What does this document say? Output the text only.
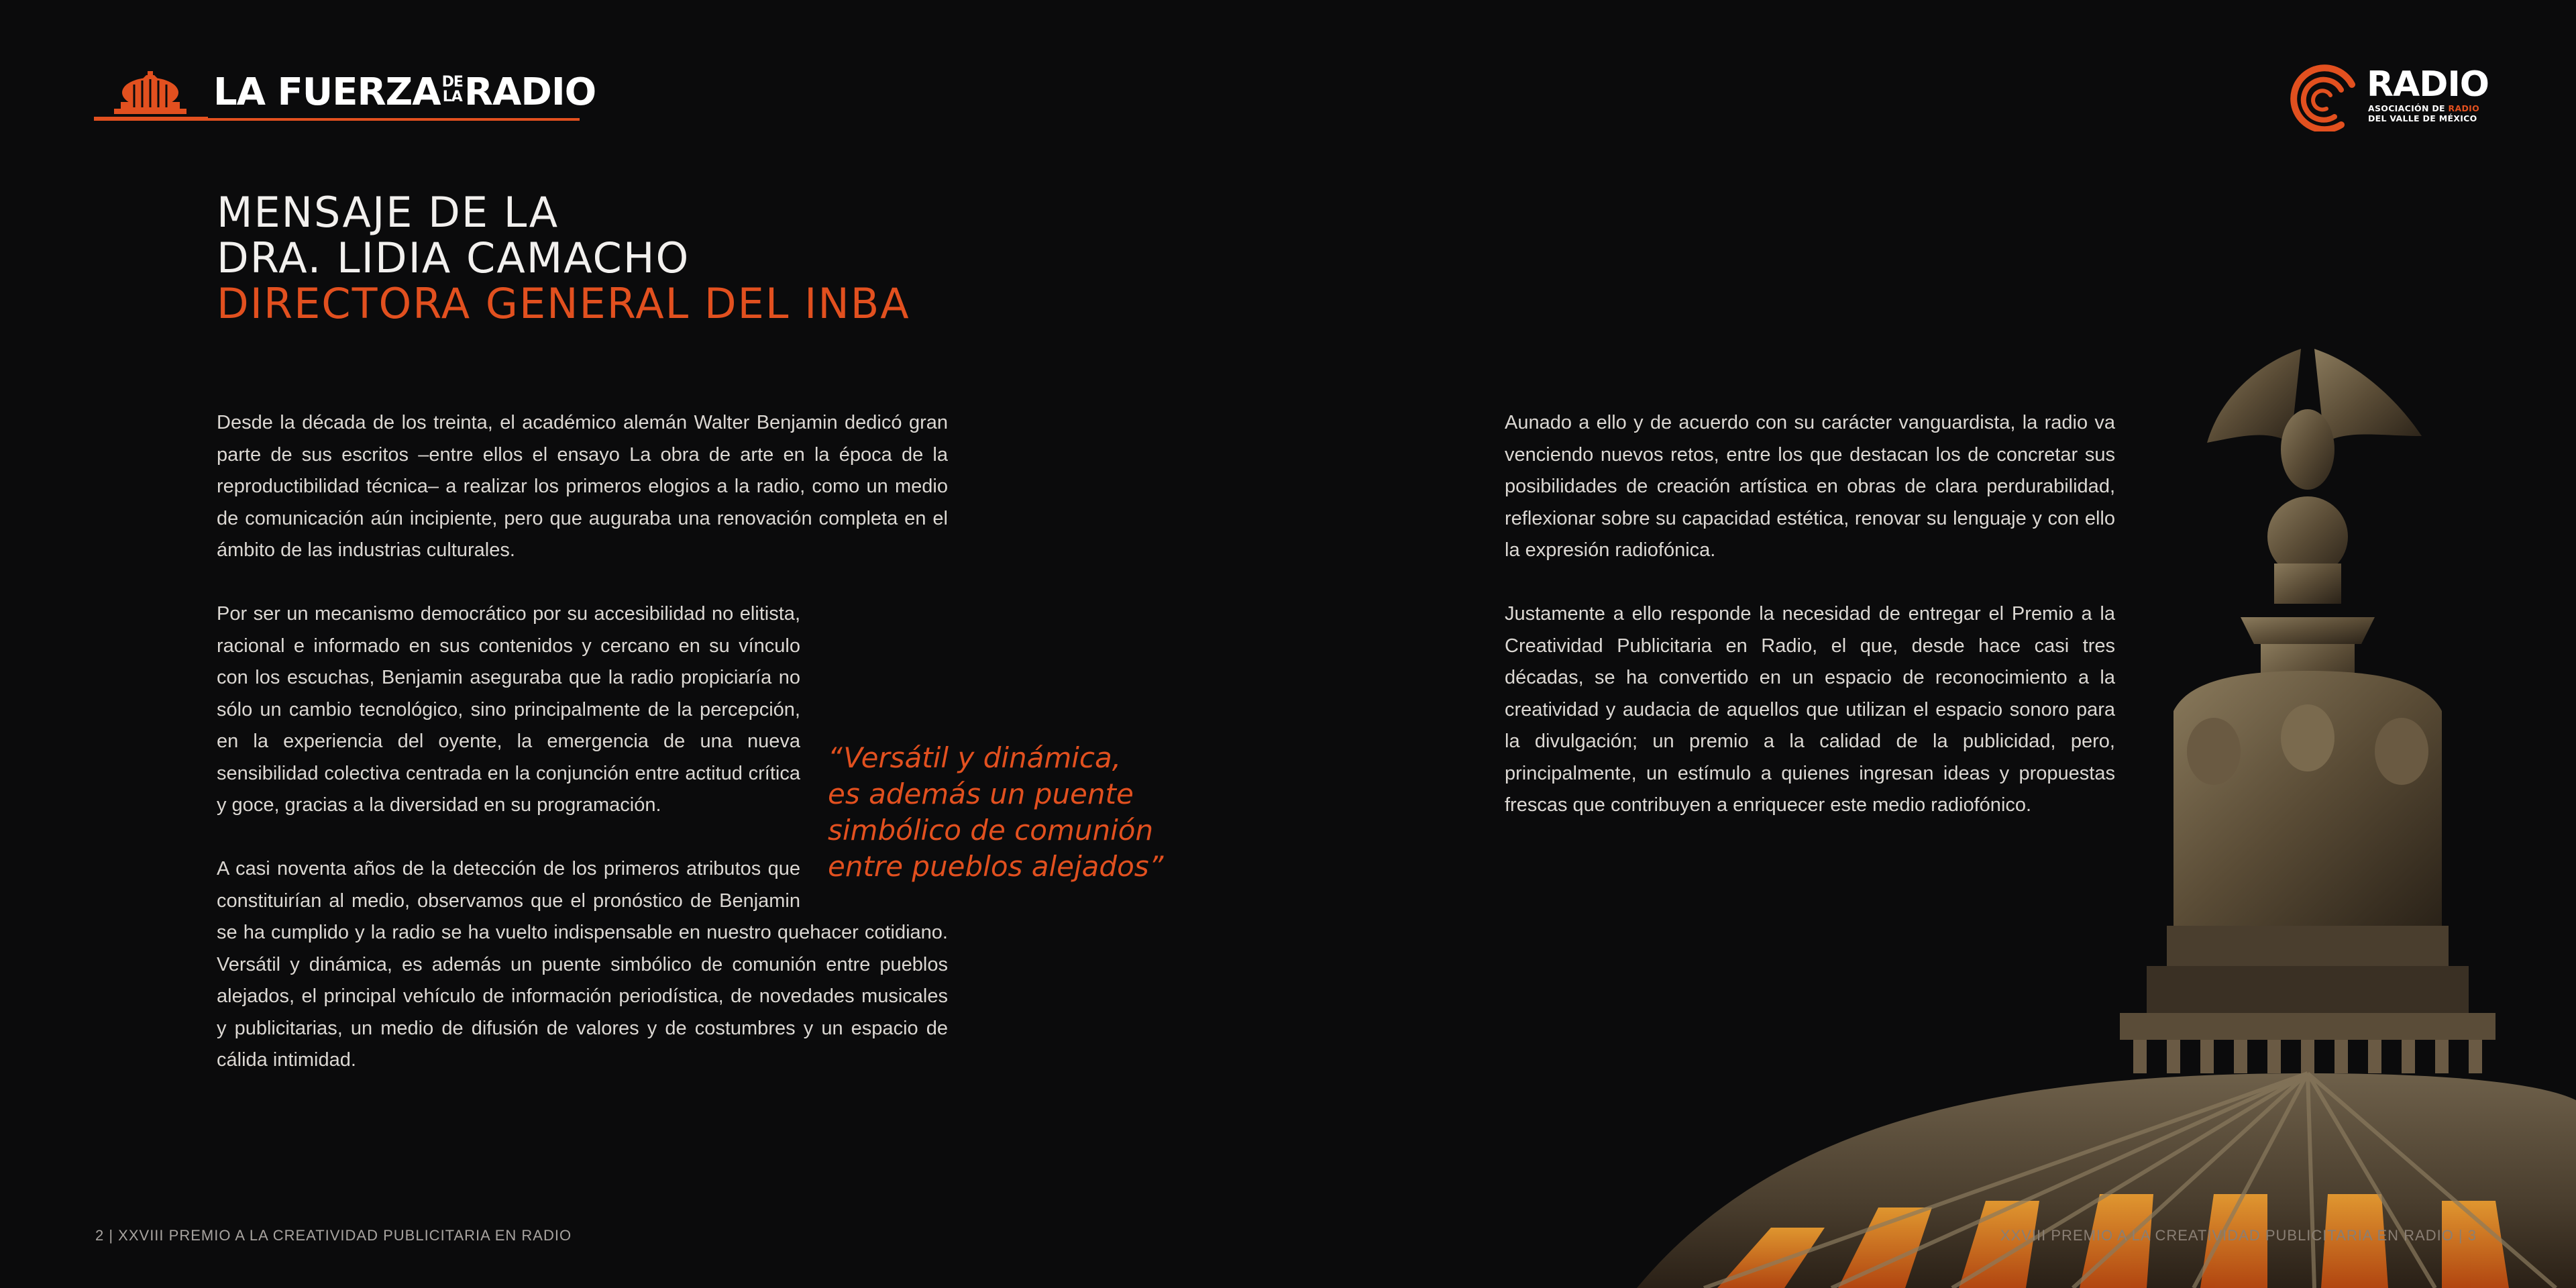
LA FUERZADE
LARADIO	RADIO
ASOCIACIÓN DE RADIO
DEL VALLE DE MÉXICO
MENSAJE DE LA
DRA. LIDIA CAMACHO
DIRECTORA GENERAL DEL INBA

Desde la década de los treinta, el académico alemán Walter Benjamin dedicó gran parte de sus escritos –entre ellos el ensayo La obra de arte en la época de la reproductibilidad técnica– a realizar los primeros elogios a la radio, como un medio de comunicación aún incipiente, pero que auguraba una renovación completa en el ámbito de las industrias culturales.

Por ser un mecanismo democrático por su accesibilidad no elitista, racional e informado en sus contenidos y cercano en su vínculo con los escuchas, Benjamin aseguraba que la radio propiciaría no sólo un cambio tecnológico, sino principalmente de la percepción, en la experiencia del oyente, la emergencia de una nueva sensibilidad colectiva centrada en la conjunción entre actitud crítica y goce, gracias a la diversidad en su programación.
A casi noventa años de la detección de los primeros atributos que constituirían al medio, observamos que el pronóstico de Benjamin se ha cumplido y la radio se ha vuelto indispensable en nuestro quehacer cotidiano. Versátil y dinámica, es además un puente simbólico de comunión entre pueblos alejados, el principal vehículo de información periodística, de novedades musicales y publicitarias, un medio de difusión de valores y de costumbres y un espacio de cálida intimidad.
“Versátil y dinámica,
es además un puente
simbólico de comunión
entre pueblos alejados”

Aunado a ello y de acuerdo con su carácter vanguardista, la radio va venciendo nuevos retos, entre los que destacan los de concretar sus posibilidades de creación artística en obras de clara perdurabilidad, reflexionar sobre su capacidad estética, renovar su lenguaje y con ello la expresión radiofónica.

Justamente a ello responde la necesidad de entregar el Premio a la Creatividad Publicitaria en Radio, el que, desde hace casi tres décadas, se ha convertido en un espacio de reconocimiento a la creatividad y audacia de aquellos que utilizan el espacio sonoro para la divulgación; un premio a la calidad de la publicidad, pero, principalmente, un estímulo a quienes ingresan ideas y propuestas frescas que contribuyen a enriquecer este medio radiofónico.

2 | XXVIII PREMIO A LA CREATIVIDAD PUBLICITARIA EN RADIO	XXVIII PREMIO A LA CREATIVIDAD PUBLICITARIA EN RADIO | 3
